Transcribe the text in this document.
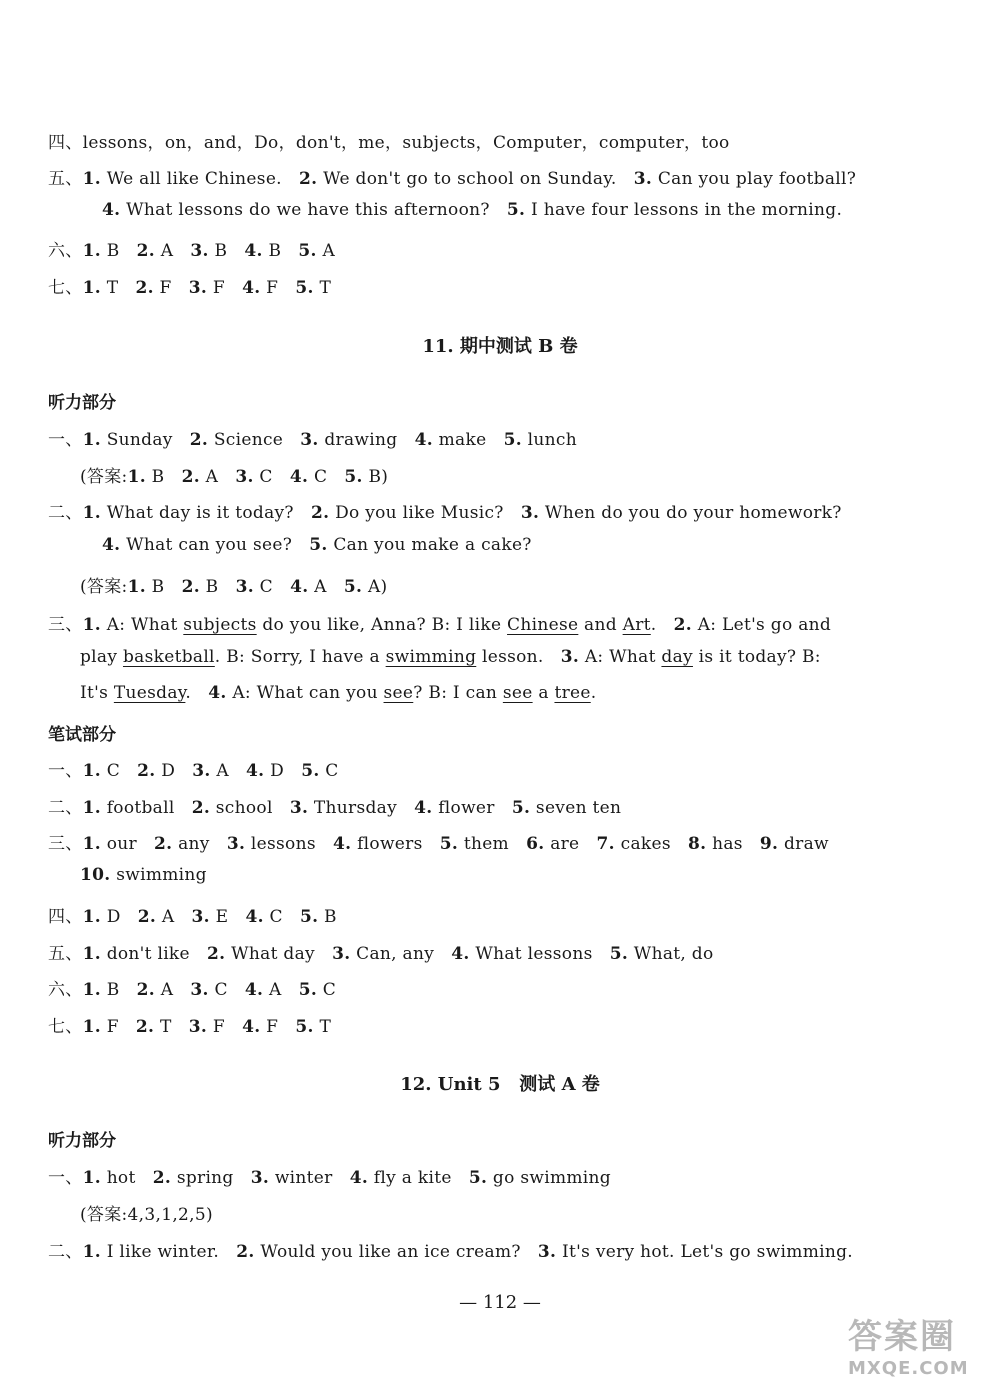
四、lessons，on，and，Do，don't，me，subjects，Computer，computer，too
五、1. We all like Chinese. 2. We don't go to school on Sunday. 3. Can you play football?
4. What lessons do we have this afternoon? 5. I have four lessons in the morning.
六、1. B 2. A 3. B 4. B 5. A
七、1. T 2. F 3. F 4. F 5. T
11. 期中测试 B 卷
听力部分
一、1. Sunday 2. Science 3. drawing 4. make 5. lunch
(答案:1. B 2. A 3. C 4. C 5. B)
二、1. What day is it today? 2. Do you like Music? 3. When do you do your homework?
4. What can you see? 5. Can you make a cake?
(答案:1. B 2. B 3. C 4. A 5. A)
三、1. A: What subjects do you like, Anna? B: I like Chinese and Art. 2. A: Let's go and
play basketball. B: Sorry, I have a swimming lesson. 3. A: What day is it today? B:
It's Tuesday. 4. A: What can you see? B: I can see a tree.
笔试部分
一、1. C 2. D 3. A 4. D 5. C
二、1. football 2. school 3. Thursday 4. flower 5. seven ten
三、1. our 2. any 3. lessons 4. flowers 5. them 6. are 7. cakes 8. has 9. draw
10. swimming
四、1. D 2. A 3. E 4. C 5. B
五、1. don't like 2. What day 3. Can, any 4. What lessons 5. What, do
六、1. B 2. A 3. C 4. A 5. C
七、1. F 2. T 3. F 4. F 5. T
12. Unit 5   测试 A 卷
听力部分
一、1. hot 2. spring 3. winter 4. fly a kite 5. go swimming
(答案:4,3,1,2,5)
二、1. I like winter. 2. Would you like an ice cream? 3. It's very hot. Let's go swimming.
— 112 —
答案圈
MXQE.COM
